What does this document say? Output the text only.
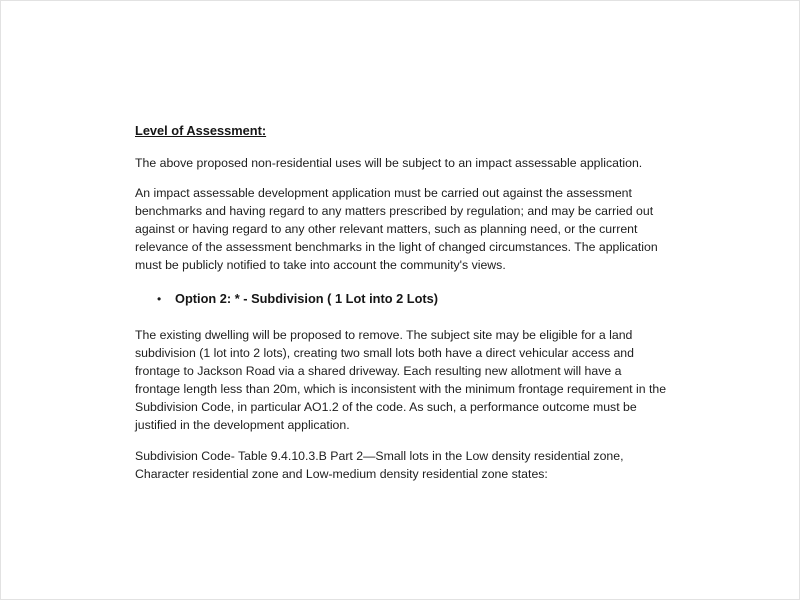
Level of Assessment:

The above proposed non-residential uses will be subject to an impact assessable application.

An impact assessable development application must be carried out against the assessment benchmarks and having regard to any matters prescribed by regulation; and may be carried out against or having regard to any other relevant matters, such as planning need, or the current relevance of the assessment benchmarks in the light of changed circumstances. The application must be publicly notified to take into account the community's views.

•	Option 2: * - Subdivision ( 1 Lot into 2 Lots)

The existing dwelling will be proposed to remove. The subject site may be eligible for a land subdivision (1 lot into 2 lots), creating two small lots both have a direct vehicular access and frontage to Jackson Road via a shared driveway. Each resulting new allotment will have a frontage length less than 20m, which is inconsistent with the minimum frontage requirement in the Subdivision Code, in particular AO1.2 of the code. As such, a performance outcome must be justified in the development application.

Subdivision Code- Table 9.4.10.3.B Part 2—Small lots in the Low density residential zone, Character residential zone and Low-medium density residential zone states:
